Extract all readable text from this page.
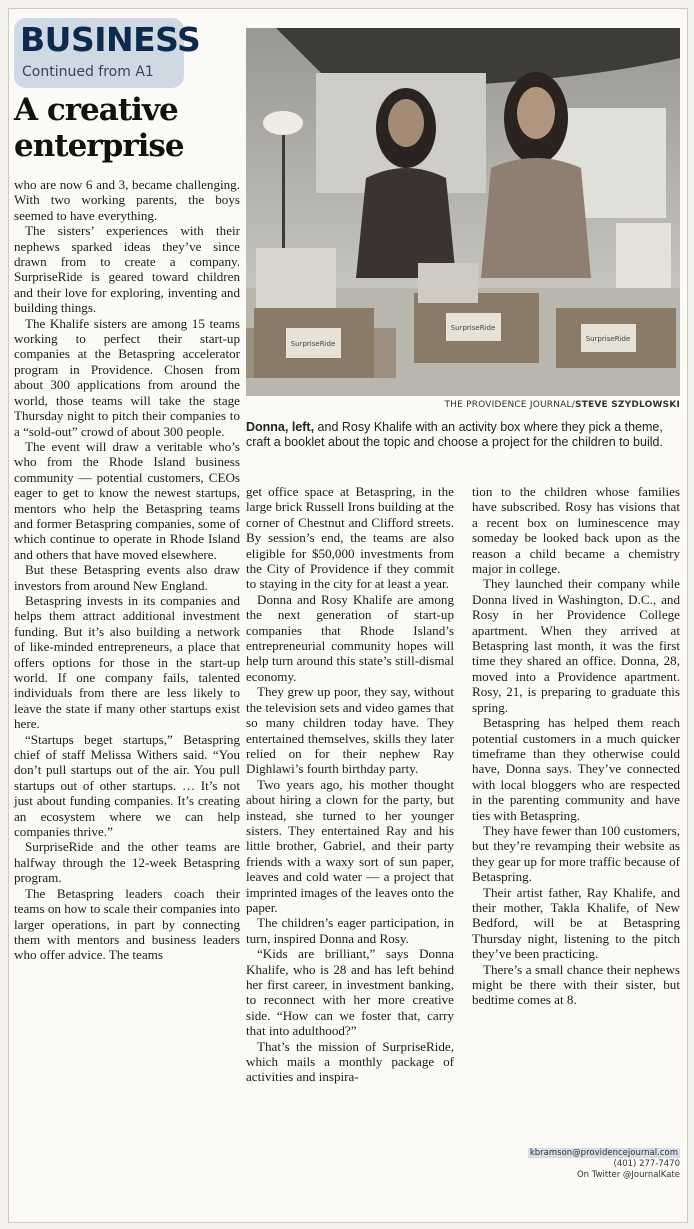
BUSINESS
Continued from A1
A creative enterprise
SurpriseRide
SurpriseRide
SurpriseRide
THE PROVIDENCE JOURNAL/STEVE SZYDLOWSKI
Donna, left, and Rosy Khalife with an activity box where they pick a theme, craft a booklet about the topic and choose a project for the children to build.

who are now 6 and 3, became challenging. With two working parents, the boys seemed to have everything.

The sisters’ experiences with their nephews sparked ideas they’ve since drawn from to create a company. SurpriseRide is geared toward children and their love for exploring, inventing and building things.

The Khalife sisters are among 15 teams working to perfect their start-up companies at the Betaspring accelerator program in Providence. Chosen from about 300 applications from around the world, those teams will take the stage Thursday night to pitch their companies to a “sold-out” crowd of about 300 people.

The event will draw a veritable who’s who from the Rhode Island business community — potential customers, CEOs eager to get to know the newest startups, mentors who help the Betaspring teams and former Betaspring companies, some of which continue to operate in Rhode Island and others that have moved elsewhere.

But these Betaspring events also draw investors from around New England.

Betaspring invests in its companies and helps them attract additional investment funding. But it’s also building a network of like-minded entrepreneurs, a place that offers options for those in the start-up world. If one company fails, talented individuals from there are less likely to leave the state if many other startups exist here.

“Startups beget startups,” Betaspring chief of staff Melissa Withers said. “You don’t pull startups out of the air. You pull startups out of other startups. … It’s not just about funding companies. It’s creating an ecosystem where we can help companies thrive.”

SurpriseRide and the other teams are halfway through the 12-week Betaspring program.

The Betaspring leaders coach their teams on how to scale their companies into larger operations, in part by connecting them with mentors and business leaders who offer advice. The teams

get office space at Betaspring, in the large brick Russell Irons building at the corner of Chestnut and Clifford streets. By session’s end, the teams are also eligible for $50,000 investments from the City of Providence if they commit to staying in the city for at least a year.

Donna and Rosy Khalife are among the next generation of start-up companies that Rhode Island’s entrepreneurial community hopes will help turn around this state’s still-dismal economy.

They grew up poor, they say, without the television sets and video games that so many children today have. They entertained themselves, skills they later relied on for their nephew Ray Dighlawi’s fourth birthday party.

Two years ago, his mother thought about hiring a clown for the party, but instead, she turned to her younger sisters. They entertained Ray and his little brother, Gabriel, and their party friends with a waxy sort of sun paper, leaves and cold water — a project that imprinted images of the leaves onto the paper.

The children’s eager participation, in turn, inspired Donna and Rosy.

“Kids are brilliant,” says Donna Khalife, who is 28 and has left behind her first career, in investment banking, to reconnect with her more creative side. “How can we foster that, carry that into adulthood?”

That’s the mission of SurpriseRide, which mails a monthly package of activities and inspira-

tion to the children whose families have subscribed. Rosy has visions that a recent box on luminescence may someday be looked back upon as the reason a child became a chemistry major in college.

They launched their company while Donna lived in Washington, D.C., and Rosy in her Providence College apartment. When they arrived at Betaspring last month, it was the first time they shared an office. Donna, 28, moved into a Providence apartment. Rosy, 21, is preparing to graduate this spring.

Betaspring has helped them reach potential customers in a much quicker timeframe than they otherwise could have, Donna says. They’ve connected with local bloggers who are respected in the parenting community and have ties with Betaspring.

They have fewer than 100 customers, but they’re revamping their website as they gear up for more traffic because of Betaspring.

Their artist father, Ray Khalife, and their mother, Takla Khalife, of New Bedford, will be at Betaspring Thursday night, listening to the pitch they’ve been practicing.

There’s a small chance their nephews might be there with their sister, but bedtime comes at 8.

kbramson@providencejournal.com
(401) 277-7470
On Twitter @JournalKate
